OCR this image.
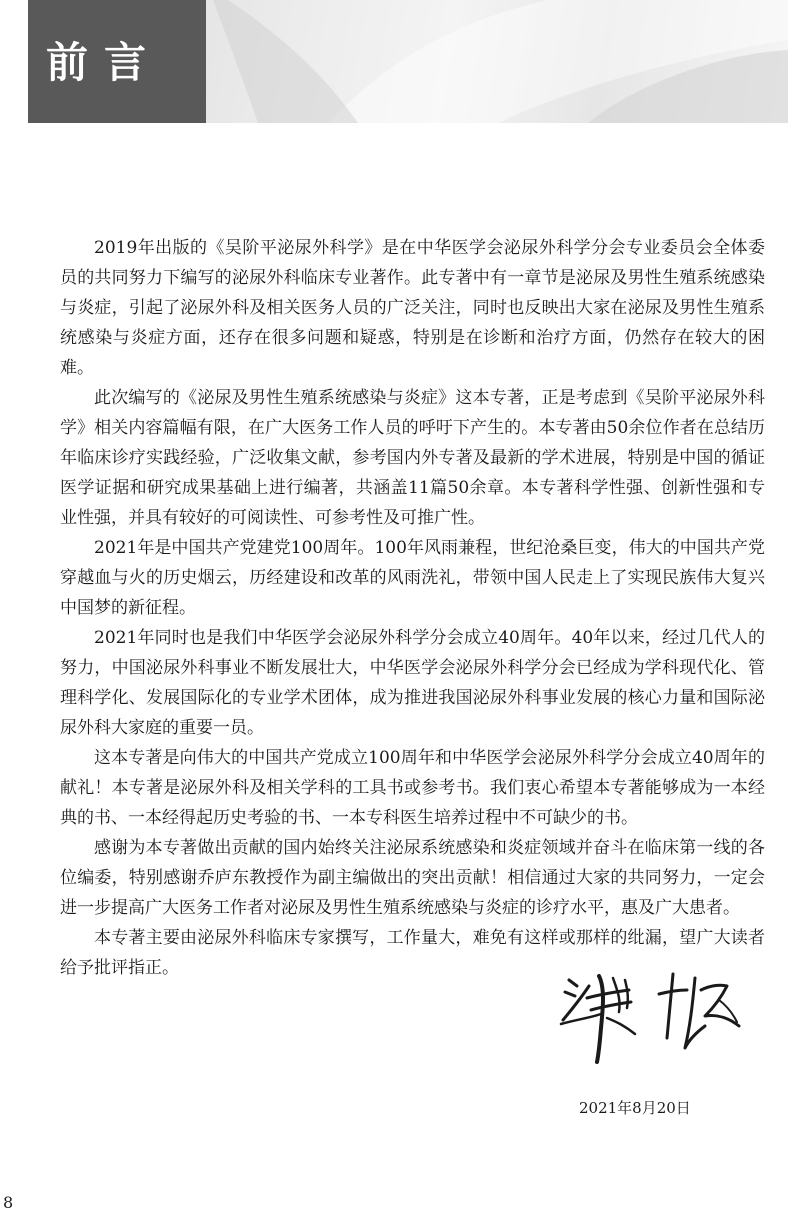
前言

2019年出版的《吴阶平泌尿外科学》是在中华医学会泌尿外科学分会专业委员会全体委员的共同努力下编写的泌尿外科临床专业著作。此专著中有一章节是泌尿及男性生殖系统感染与炎症，引起了泌尿外科及相关医务人员的广泛关注，同时也反映出大家在泌尿及男性生殖系统感染与炎症方面，还存在很多问题和疑惑，特别是在诊断和治疗方面，仍然存在较大的困难。

此次编写的《泌尿及男性生殖系统感染与炎症》这本专著，正是考虑到《吴阶平泌尿外科学》相关内容篇幅有限，在广大医务工作人员的呼吁下产生的。本专著由50余位作者在总结历年临床诊疗实践经验，广泛收集文献，参考国内外专著及最新的学术进展，特别是中国的循证医学证据和研究成果基础上进行编著，共涵盖11篇50余章。本专著科学性强、创新性强和专业性强，并具有较好的可阅读性、可参考性及可推广性。

2021年是中国共产党建党100周年。100年风雨兼程，世纪沧桑巨变，伟大的中国共产党穿越血与火的历史烟云，历经建设和改革的风雨洗礼，带领中国人民走上了实现民族伟大复兴中国梦的新征程。

2021年同时也是我们中华医学会泌尿外科学分会成立40周年。40年以来，经过几代人的努力，中国泌尿外科事业不断发展壮大，中华医学会泌尿外科学分会已经成为学科现代化、管理科学化、发展国际化的专业学术团体，成为推进我国泌尿外科事业发展的核心力量和国际泌尿外科大家庭的重要一员。

这本专著是向伟大的中国共产党成立100周年和中华医学会泌尿外科学分会成立40周年的献礼！本专著是泌尿外科及相关学科的工具书或参考书。我们衷心希望本专著能够成为一本经典的书、一本经得起历史考验的书、一本专科医生培养过程中不可缺少的书。

感谢为本专著做出贡献的国内始终关注泌尿系统感染和炎症领域并奋斗在临床第一线的各位编委，特别感谢乔庐东教授作为副主编做出的突出贡献！相信通过大家的共同努力，一定会进一步提高广大医务工作者对泌尿及男性生殖系统感染与炎症的诊疗水平，惠及广大患者。

本专著主要由泌尿外科临床专家撰写，工作量大，难免有这样或那样的纰漏，望广大读者给予批评指正。

2021年8月20日
8
